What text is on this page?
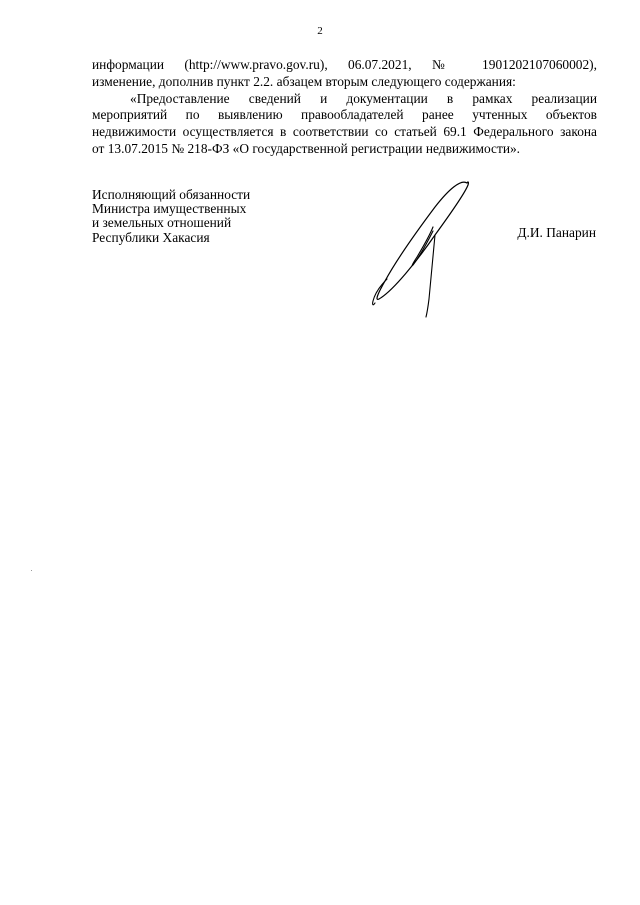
2
информации (http://www.pravo.gov.ru), 06.07.2021, № 1901202107060002),
изменение, дополнив пункт 2.2. абзацем вторым следующего содержания:
«Предоставление сведений и документации в рамках реализации
мероприятий по выявлению правообладателей ранее учтенных объектов
недвижимости осуществляется в соответствии со статьей 69.1 Федерального закона
от 13.07.2015 № 218-ФЗ «О государственной регистрации недвижимости».
Исполняющий обязанности
Министра имущественных
и земельных отношений
Республики Хакасия	Д.И. Панарин
